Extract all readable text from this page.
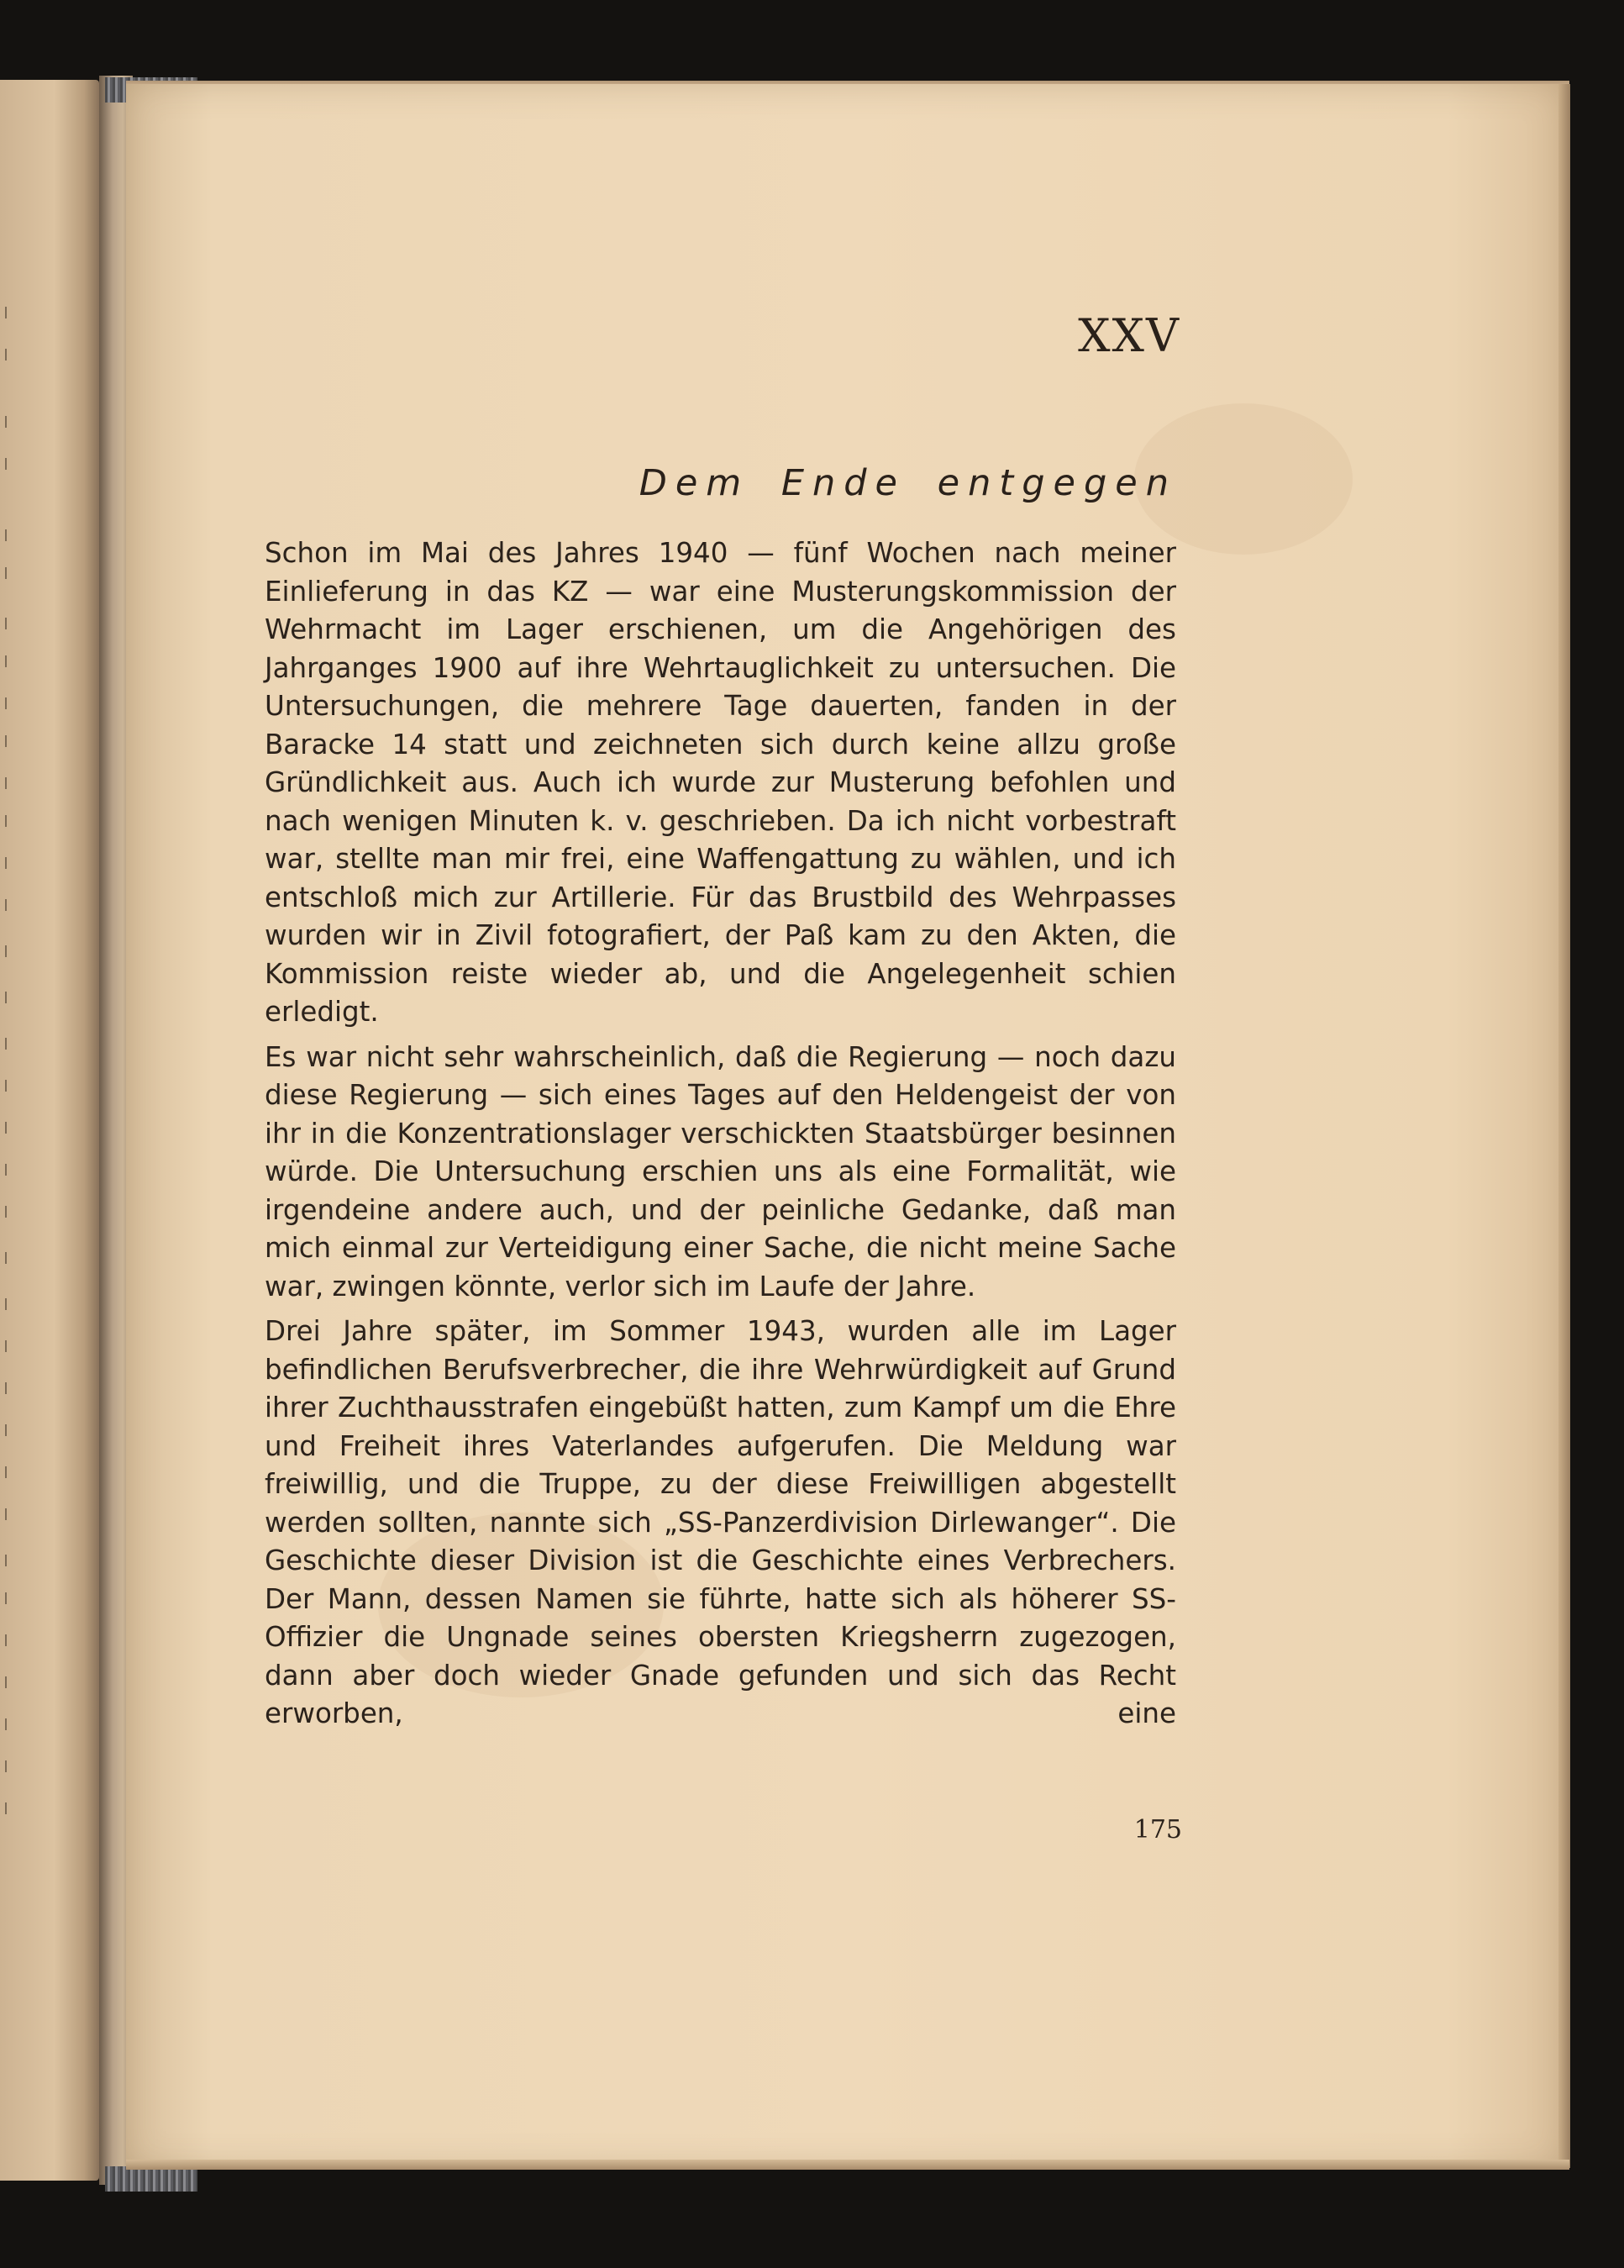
XXV
Dem Ende entgegen

Schon im Mai des Jahres 1940 — fünf Wochen nach meiner Einlieferung in das KZ — war eine Musterungskommission der Wehrmacht im Lager erschienen, um die Angehörigen des Jahrganges 1900 auf ihre Wehrtauglichkeit zu untersuchen. Die Untersuchungen, die mehrere Tage dauerten, fanden in der Baracke 14 statt und zeichneten sich durch keine allzu große Gründlichkeit aus. Auch ich wurde zur Musterung befohlen und nach wenigen Minuten k. v. geschrieben. Da ich nicht vorbestraft war, stellte man mir frei, eine Waffengattung zu wählen, und ich entschloß mich zur Artillerie. Für das Brustbild des Wehrpasses wurden wir in Zivil fotografiert, der Paß kam zu den Akten, die Kommission reiste wieder ab, und die Angelegenheit schien erledigt.

Es war nicht sehr wahrscheinlich, daß die Regierung — noch dazu diese Regierung — sich eines Tages auf den Heldengeist der von ihr in die Konzentrationslager verschickten Staatsbürger besinnen würde. Die Untersuchung erschien uns als eine Formalität, wie irgendeine andere auch, und der peinliche Gedanke, daß man mich einmal zur Verteidigung einer Sache, die nicht meine Sache war, zwingen könnte, verlor sich im Laufe der Jahre.

Drei Jahre später, im Sommer 1943, wurden alle im Lager befindlichen Berufsverbrecher, die ihre Wehrwürdigkeit auf Grund ihrer Zuchthausstrafen eingebüßt hatten, zum Kampf um die Ehre und Freiheit ihres Vaterlandes aufgerufen. Die Meldung war freiwillig, und die Truppe, zu der diese Freiwilligen abgestellt werden sollten, nannte sich „SS-Panzerdivision Dirlewanger“. Die Geschichte dieser Division ist die Geschichte eines Verbrechers. Der Mann, dessen Namen sie führte, hatte sich als höherer SS-Offizier die Ungnade seines obersten Kriegsherrn zugezogen, dann aber doch wieder Gnade gefunden und sich das Recht erworben, eine

175
